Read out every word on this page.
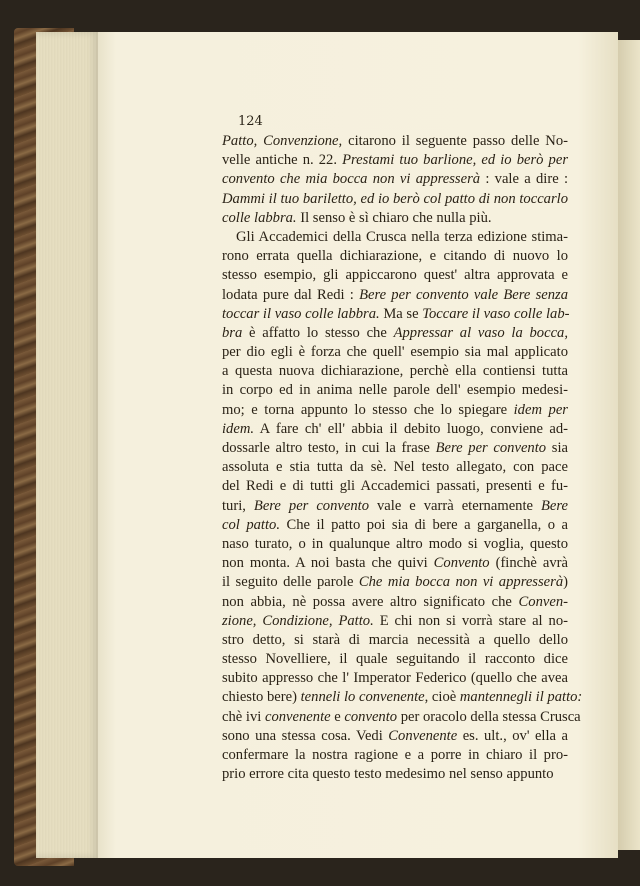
124
Patto, Convenzione, citarono il seguente passo delle No-
velle antiche n. 22. Prestami tuo barlione, ed io berò per
convento che mia bocca non vi appresserà : vale a dire :
Dammi il tuo bariletto, ed io berò col patto di non toccarlo
colle labbra. Il senso è sì chiaro che nulla più.
Gli Accademici della Crusca nella terza edizione stima-
rono errata quella dichiarazione, e citando di nuovo lo
stesso esempio, gli appiccarono quest' altra approvata e
lodata pure dal Redi : Bere per convento vale Bere senza
toccar il vaso colle labbra. Ma se Toccare il vaso colle lab-
bra è affatto lo stesso che Appressar al vaso la bocca,
per dio egli è forza che quell' esempio sia mal applicato
a questa nuova dichiarazione, perchè ella contiensi tutta
in corpo ed in anima nelle parole dell' esempio medesi-
mo; e torna appunto lo stesso che lo spiegare idem per
idem. A fare ch' ell' abbia il debito luogo, conviene ad-
dossarle altro testo, in cui la frase Bere per convento sia
assoluta e stia tutta da sè. Nel testo allegato, con pace
del Redi e di tutti gli Accademici passati, presenti e fu-
turi, Bere per convento vale e varrà eternamente Bere
col patto. Che il patto poi sia di bere a garganella, o a
naso turato, o in qualunque altro modo si voglia, questo
non monta. A noi basta che quivi Convento (finchè avrà
il seguito delle parole Che mia bocca non vi appresserà)
non abbia, nè possa avere altro significato che Conven-
zione, Condizione, Patto. E chi non si vorrà stare al no-
stro detto, si starà di marcia necessità a quello dello
stesso Novelliere, il quale seguitando il racconto dice
subito appresso che l' Imperator Federico (quello che avea
chiesto bere) tenneli lo convenente, cioè mantennegli il patto:
chè ivi convenente e convento per oracolo della stessa Crusca
sono una stessa cosa. Vedi Convenente es. ult., ov' ella a
confermare la nostra ragione e a porre in chiaro il pro-
prio errore cita questo testo medesimo nel senso appunto
